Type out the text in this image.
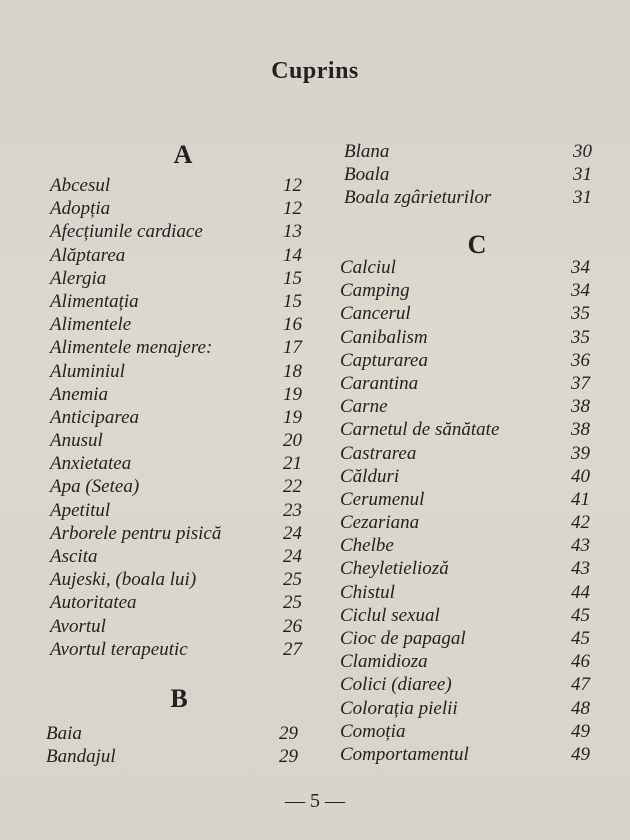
Cuprins
A
Abcesul	12
Adopția	12
Afecțiunile cardiace	13
Alăptarea	14
Alergia	15
Alimentația	15
Alimentele	16
Alimentele menajere:	17
Aluminiul	18
Anemia	19
Anticiparea	19
Anusul	20
Anxietatea	21
Apa (Setea)	22
Apetitul	23
Arborele pentru pisică	24
Ascita	24
Aujeski, (boala lui)	25
Autoritatea	25
Avortul	26
Avortul terapeutic	27
B
Baia	29
Bandajul	29
Blana	30
Boala	31
Boala zgârieturilor	31
C
Calciul	34
Camping	34
Cancerul	35
Canibalism	35
Capturarea	36
Carantina	37
Carne	38
Carnetul de sănătate	38
Castrarea	39
Călduri	40
Cerumenul	41
Cezariana	42
Chelbe	43
Cheyletieliozǎ	43
Chistul	44
Ciclul sexual	45
Cioc de papagal	45
Clamidioza	46
Colici (diaree)	47
Colorația pielii	48
Comoția	49
Comportamentul	49
— 5 —
